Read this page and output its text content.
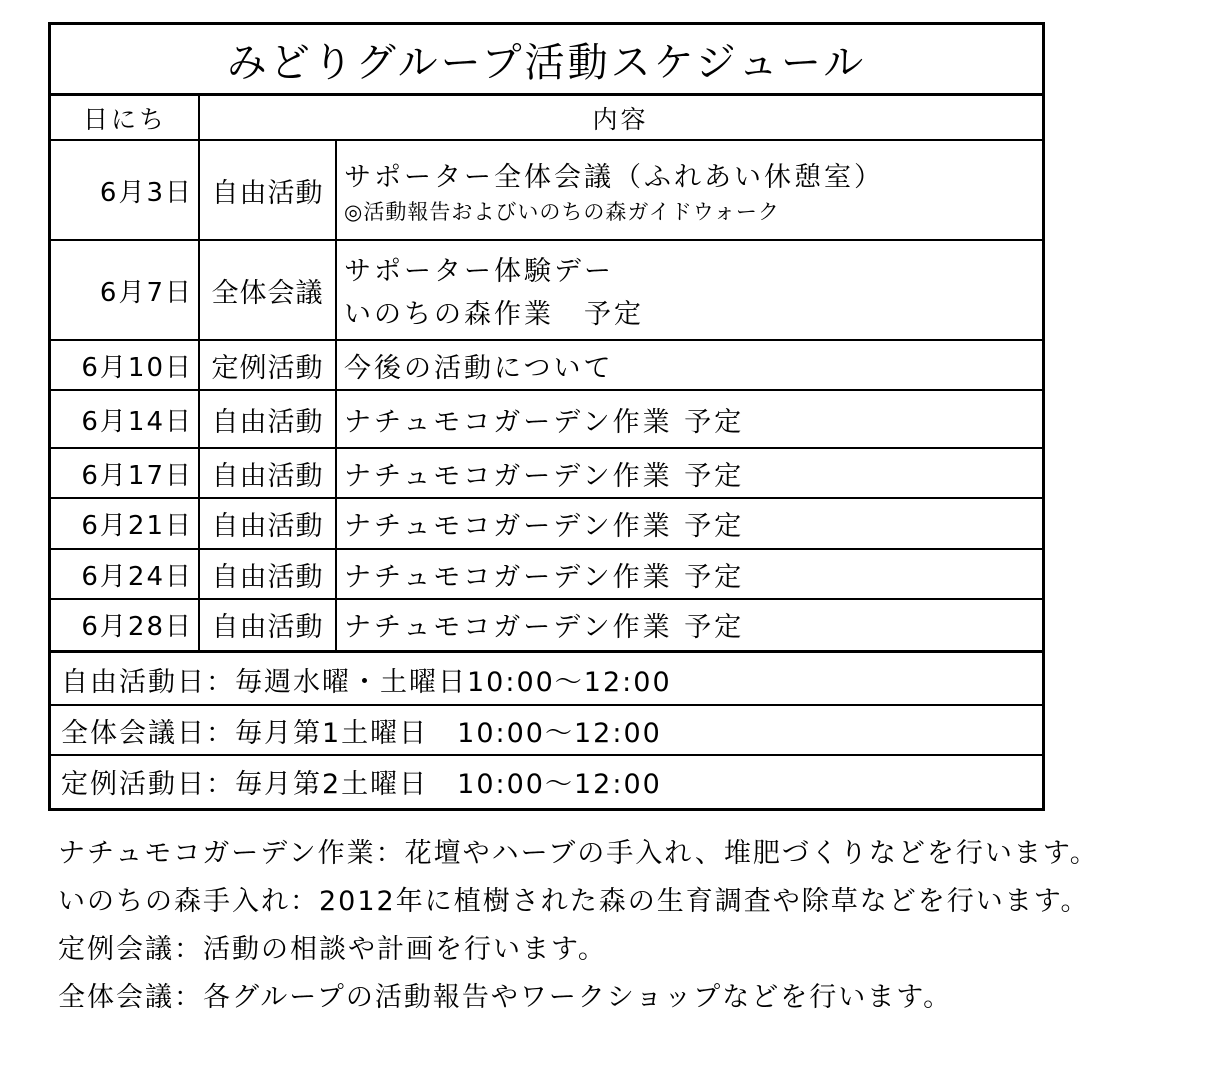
みどりグループ活動スケジュール
日にち	内容
6月3日 自由活動
サポーター全体会議（ふれあい休憩室）
◎活動報告およびいのちの森ガイドウォーク
6月7日 全体会議
サポーター体験デー
いのちの森作業　予定
6月10日 定例活動 今後の活動について
6月14日 自由活動 ナチュモコガーデン作業 予定
6月17日 自由活動 ナチュモコガーデン作業 予定
6月21日 自由活動 ナチュモコガーデン作業 予定
6月24日 自由活動 ナチュモコガーデン作業 予定
6月28日 自由活動 ナチュモコガーデン作業 予定
自由活動日：毎週水曜・土曜日10:00～12:00
全体会議日：毎月第1土曜日　10:00～12:00
定例活動日：毎月第2土曜日　10:00～12:00
ナチュモコガーデン作業：花壇やハーブの手入れ、堆肥づくりなどを行います。
いのちの森手入れ：2012年に植樹された森の生育調査や除草などを行います。
定例会議：活動の相談や計画を行います。
全体会議：各グループの活動報告やワークショップなどを行います。
